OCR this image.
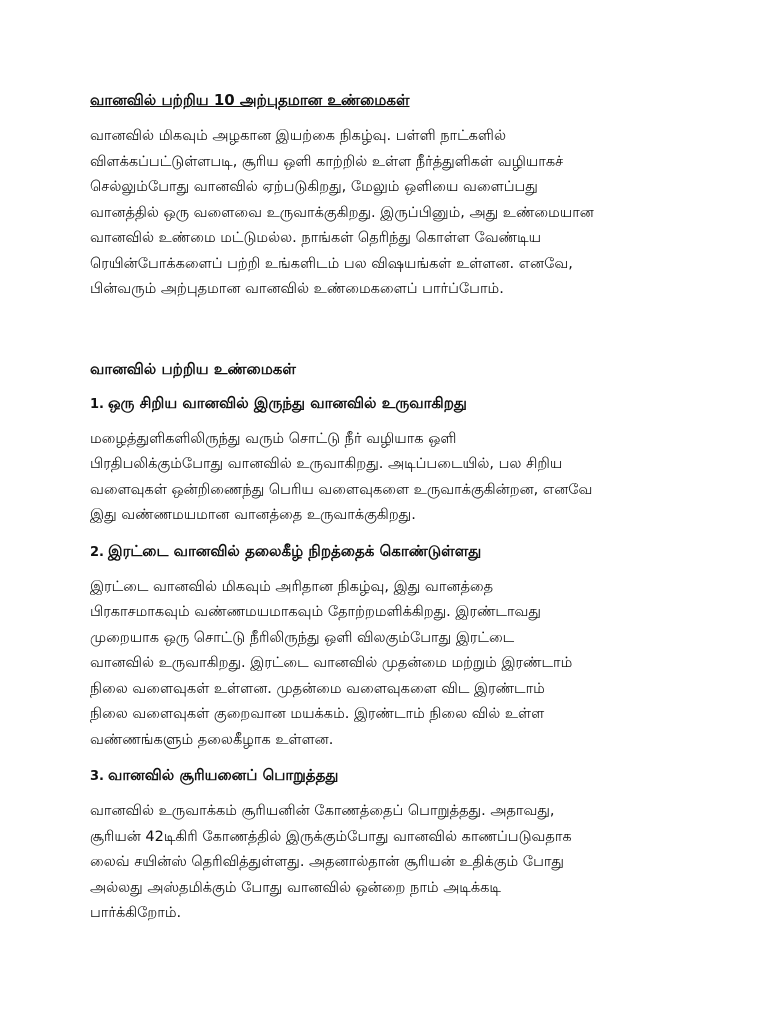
வானவில் பற்றிய 10 அற்புதமான உண்மைகள்

வானவில் மிகவும் அழகான இயற்கை நிகழ்வு. பள்ளி நாட்களில்
விளக்கப்பட்டுள்ளபடி, சூரிய ஒளி காற்றில் உள்ள நீர்த்துளிகள் வழியாகச்
செல்லும்போது வானவில் ஏற்படுகிறது, மேலும் ஒளியை வளைப்பது
வானத்தில் ஒரு வளைவை உருவாக்குகிறது. இருப்பினும், அது உண்மையான
வானவில் உண்மை மட்டுமல்ல. நாங்கள் தெரிந்து கொள்ள வேண்டிய
ரெயின்போக்களைப் பற்றி உங்களிடம் பல விஷயங்கள் உள்ளன. எனவே,
பின்வரும் அற்புதமான வானவில் உண்மைகளைப் பார்ப்போம்.

வானவில் பற்றிய உண்மைகள்
1. ஒரு சிறிய வானவில் இருந்து வானவில் உருவாகிறது

மழைத்துளிகளிலிருந்து வரும் சொட்டு நீர் வழியாக ஒளி
பிரதிபலிக்கும்போது வானவில் உருவாகிறது. அடிப்படையில், பல சிறிய
வளைவுகள் ஒன்றிணைந்து பெரிய வளைவுகளை உருவாக்குகின்றன, எனவே
இது வண்ணமயமான வானத்தை உருவாக்குகிறது.

2. இரட்டை வானவில் தலைகீழ் நிறத்தைக் கொண்டுள்ளது

இரட்டை வானவில் மிகவும் அரிதான நிகழ்வு, இது வானத்தை
பிரகாசமாகவும் வண்ணமயமாகவும் தோற்றமளிக்கிறது. இரண்டாவது
முறையாக ஒரு சொட்டு நீரிலிருந்து ஒளி விலகும்போது இரட்டை
வானவில் உருவாகிறது. இரட்டை வானவில் முதன்மை மற்றும் இரண்டாம்
நிலை வளைவுகள் உள்ளன. முதன்மை வளைவுகளை விட இரண்டாம்
நிலை வளைவுகள் குறைவான மயக்கம். இரண்டாம் நிலை வில் உள்ள
வண்ணங்களும் தலைகீழாக உள்ளன.

3. வானவில் சூரியனைப் பொறுத்தது

வானவில் உருவாக்கம் சூரியனின் கோணத்தைப் பொறுத்தது. அதாவது,
சூரியன் 42டிகிரி கோணத்தில் இருக்கும்போது வானவில் காணப்படுவதாக
லைவ் சயின்ஸ் தெரிவித்துள்ளது. அதனால்தான் சூரியன் உதிக்கும் போது
அல்லது அஸ்தமிக்கும் போது வானவில் ஒன்றை நாம் அடிக்கடி
பார்க்கிறோம்.
